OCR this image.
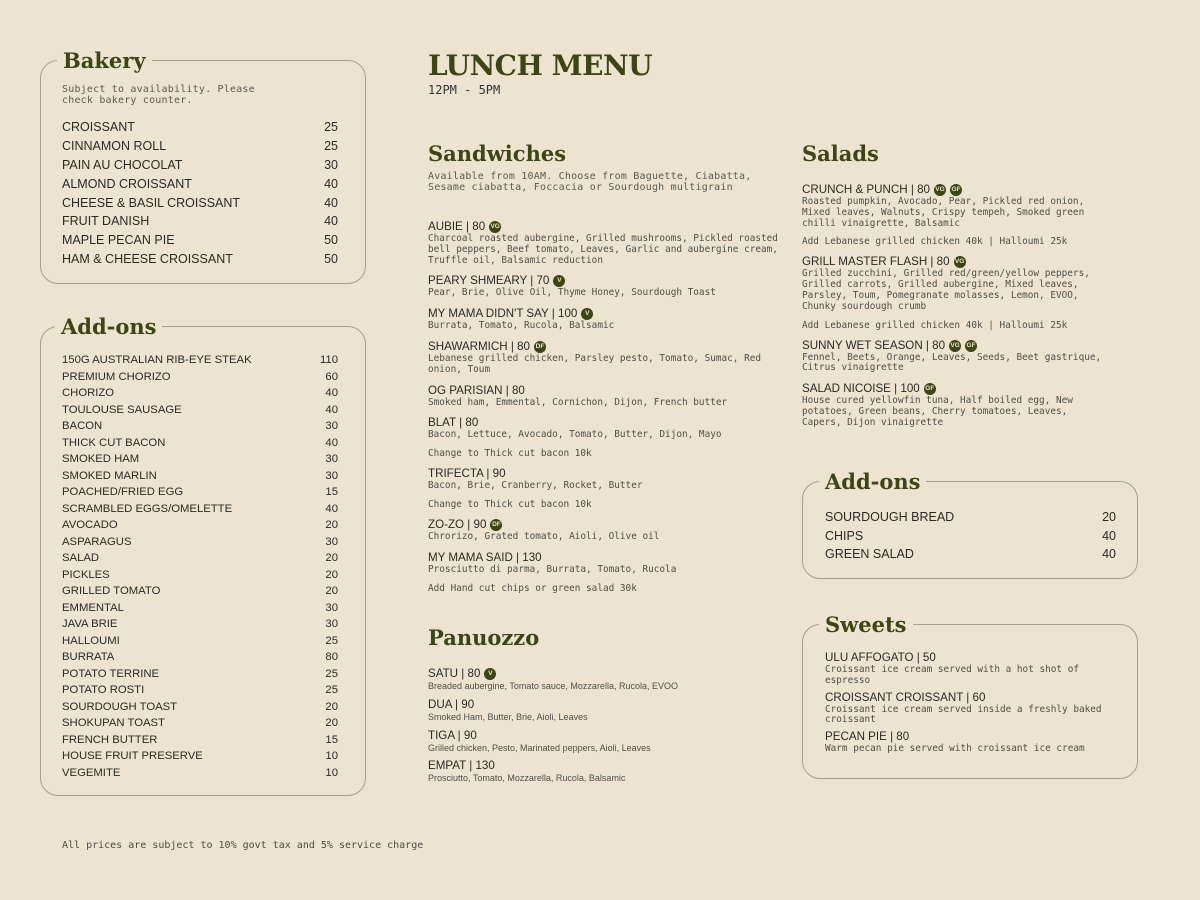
Bakery
Subject to availability. Please check bakery counter.
CROISSANT	25
CINNAMON ROLL	25
PAIN AU CHOCOLAT	30
ALMOND CROISSANT	40
CHEESE & BASIL CROISSANT	40
FRUIT DANISH	40
MAPLE PECAN PIE	50
HAM & CHEESE CROISSANT	50
Add-ons
150G AUSTRALIAN RIB-EYE STEAK	110
PREMIUM CHORIZO	60
CHORIZO	40
TOULOUSE SAUSAGE	40
BACON	30
THICK CUT BACON	40
SMOKED HAM	30
SMOKED MARLIN	30
POACHED/FRIED EGG	15
SCRAMBLED EGGS/OMELETTE	40
AVOCADO	20
ASPARAGUS	30
SALAD	20
PICKLES	20
GRILLED TOMATO	20
EMMENTAL	30
JAVA BRIE	30
HALLOUMI	25
BURRATA	80
POTATO TERRINE	25
POTATO ROSTI	25
SOURDOUGH TOAST	20
SHOKUPAN TOAST	20
FRENCH BUTTER	15
HOUSE FRUIT PRESERVE	10
VEGEMITE	10
All prices are subject to 10% govt tax and 5% service charge
LUNCH MENU
12PM - 5PM
Sandwiches
Available from 10AM. Choose from Baguette, Ciabatta, Sesame ciabatta, Foccacia or Sourdough multigrain
AUBIE | 80 VG
Charcoal roasted aubergine, Grilled mushrooms, Pickled roasted bell peppers, Beef tomato, Leaves, Garlic and aubergine cream, Truffle oil, Balsamic reduction
PEARY SHMEARY | 70	V
Pear, Brie, Olive Oil, Thyme Honey, Sourdough Toast
MY MAMA DIDN'T SAY | 100	V
Burrata, Tomato, Rucola, Balsamic
SHAWARMICH | 80 DF
Lebanese grilled chicken, Parsley pesto, Tomato, Sumac, Red onion, Toum
OG PARISIAN | 80
Smoked ham, Emmental, Cornichon, Dijon, French butter
BLAT | 80
Bacon, Lettuce, Avocado, Tomato, Butter, Dijon, Mayo
Change to Thick cut bacon 10k
TRIFECTA | 90
Bacon, Brie, Cranberry, Rocket, Butter
Change to Thick cut bacon 10k
ZO-ZO | 90 DF
Chrorizo, Grated tomato, Aioli, Olive oil
MY MAMA SAID | 130
Prosciutto di parma, Burrata, Tomato, Rucola
Add Hand cut chips or green salad 30k
Panuozzo
SATU | 80	V
Breaded aubergine, Tomato sauce, Mozzarella, Rucola, EVOO
DUA | 90
Smoked Ham, Butter, Brie, Aioli, Leaves
TIGA | 90
Grilled chicken, Pesto, Marinated peppers, Aioli, Leaves
EMPAT | 130
Prosciutto, Tomato, Mozzarella, Rucola, Balsamic
Salads
CRUNCH & PUNCH | 80 VG GF
Roasted pumpkin, Avocado, Pear, Pickled red onion, Mixed leaves, Walnuts, Crispy tempeh, Smoked green chilli vinaigrette, Balsamic
Add Lebanese grilled chicken 40k | Halloumi 25k
GRILL MASTER FLASH | 80 VG
Grilled zucchini, Grilled red/green/yellow peppers, Grilled carrots, Grilled aubergine, Mixed leaves, Parsley, Toum, Pomegranate molasses, Lemon, EVOO, Chunky sourdough crumb
Add Lebanese grilled chicken 40k | Halloumi 25k
SUNNY WET SEASON | 80 VG GF
Fennel, Beets, Orange, Leaves, Seeds, Beet gastrique, Citrus vinaigrette
SALAD NICOISE | 100 GF
House cured yellowfin tuna, Half boiled egg, New potatoes, Green beans, Cherry tomatoes, Leaves, Capers, Dijon vinaigrette
Add-ons
SOURDOUGH BREAD	20
CHIPS	40
GREEN SALAD	40
Sweets
ULU AFFOGATO | 50
Croissant ice cream served with a hot shot of espresso
CROISSANT CROISSANT | 60
Croissant ice cream served inside a freshly baked croissant
PECAN PIE | 80
Warm pecan pie served with croissant ice cream
